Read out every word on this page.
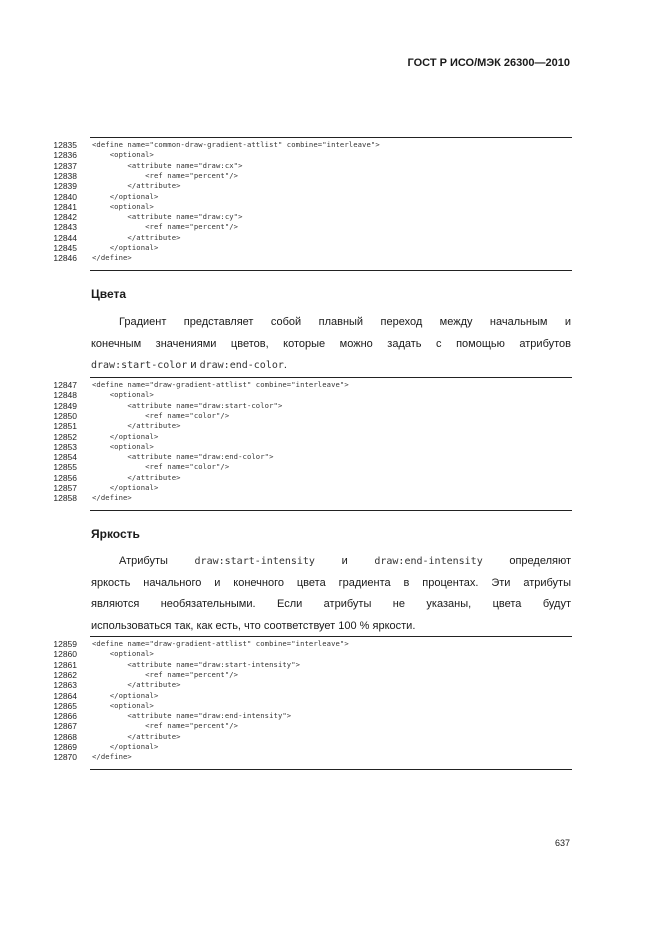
ГОСТ Р ИСО/МЭК 26300—2010
12835 <define name="common-draw-gradient-attlist" combine="interleave">
12836 <optional>
12837 <attribute name="draw:cx">
12838 <ref name="percent"/>
12839 </attribute>
12840 </optional>
12841 <optional>
12842 <attribute name="draw:cy">
12843 <ref name="percent"/>
12844 </attribute>
12845 </optional>
12846 </define>
Цвета
Градиент представляет собой плавный переход между начальным и
конечным значениями цветов, которые можно задать с помощью атрибутов
draw:start-color и draw:end-color.
12847 <define name="draw-gradient-attlist" combine="interleave">
12848 <optional>
12849 <attribute name="draw:start-color">
12850 <ref name="color"/>
12851 </attribute>
12852 </optional>
12853 <optional>
12854 <attribute name="draw:end-color">
12855 <ref name="color"/>
12856 </attribute>
12857 </optional>
12858 </define>
Яркость
Атрибуты draw:start-intensity и draw:end-intensity определяют
яркость начального и конечного цвета градиента в процентах. Эти атрибуты
являются необязательными. Если атрибуты не указаны, цвета будут
использоваться так, как есть, что соответствует 100 % яркости.
12859 <define name="draw-gradient-attlist" combine="interleave">
12860 <optional>
12861 <attribute name="draw:start-intensity">
12862 <ref name="percent"/>
12863 </attribute>
12864 </optional>
12865 <optional>
12866 <attribute name="draw:end-intensity">
12867 <ref name="percent"/>
12868 </attribute>
12869 </optional>
12870 </define>
637
